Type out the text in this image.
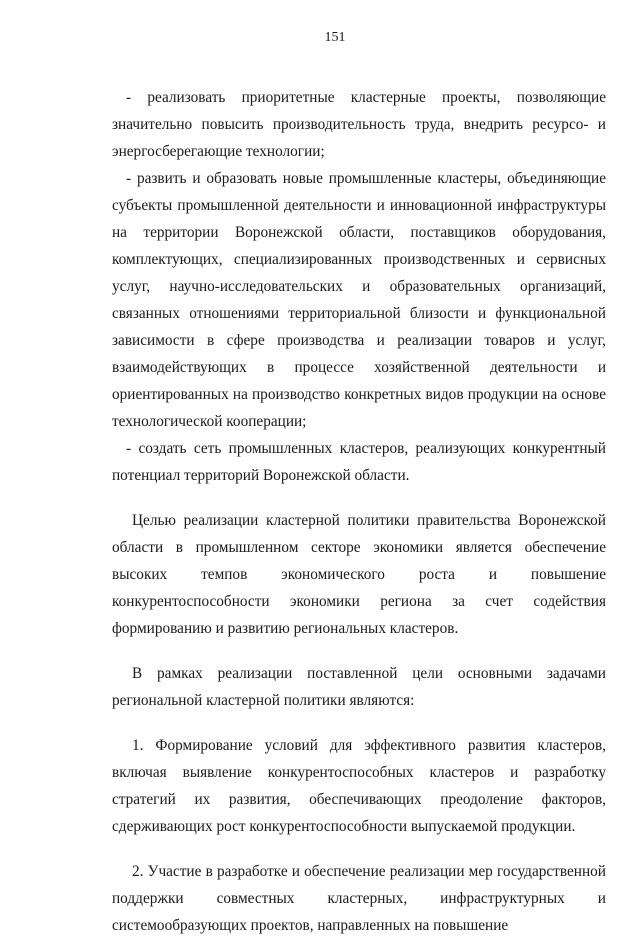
151

- реализовать приоритетные кластерные проекты, позволяющие значительно повысить производительность труда, внедрить ресурсо- и энергосберегающие технологии;

- развить и образовать новые промышленные кластеры, объединяющие субъекты промышленной деятельности и инновационной инфраструктуры на территории Воронежской области, поставщиков оборудования, комплектующих, специализированных производственных и сервисных услуг, научно-исследовательских и образовательных организаций, связанных отношениями территориальной близости и функциональной зависимости в сфере производства и реализации товаров и услуг, взаимодействующих в процессе хозяйственной деятельности и ориентированных на производство конкретных видов продукции на основе технологической кооперации;

- создать сеть промышленных кластеров, реализующих конкурентный потенциал территорий Воронежской области.

Целью реализации кластерной политики правительства Воронежской области в промышленном секторе экономики является обеспечение высоких темпов экономического роста и повышение конкурентоспособности экономики региона за счет содействия формированию и развитию региональных кластеров.

В рамках реализации поставленной цели основными задачами региональной кластерной политики являются:

1. Формирование условий для эффективного развития кластеров, включая выявление конкурентоспособных кластеров и разработку стратегий их развития, обеспечивающих преодоление факторов, сдерживающих рост конкурентоспособности выпускаемой продукции.

2. Участие в разработке и обеспечение реализации мер государственной поддержки совместных кластерных, инфраструктурных и системообразующих проектов, направленных на повышение
